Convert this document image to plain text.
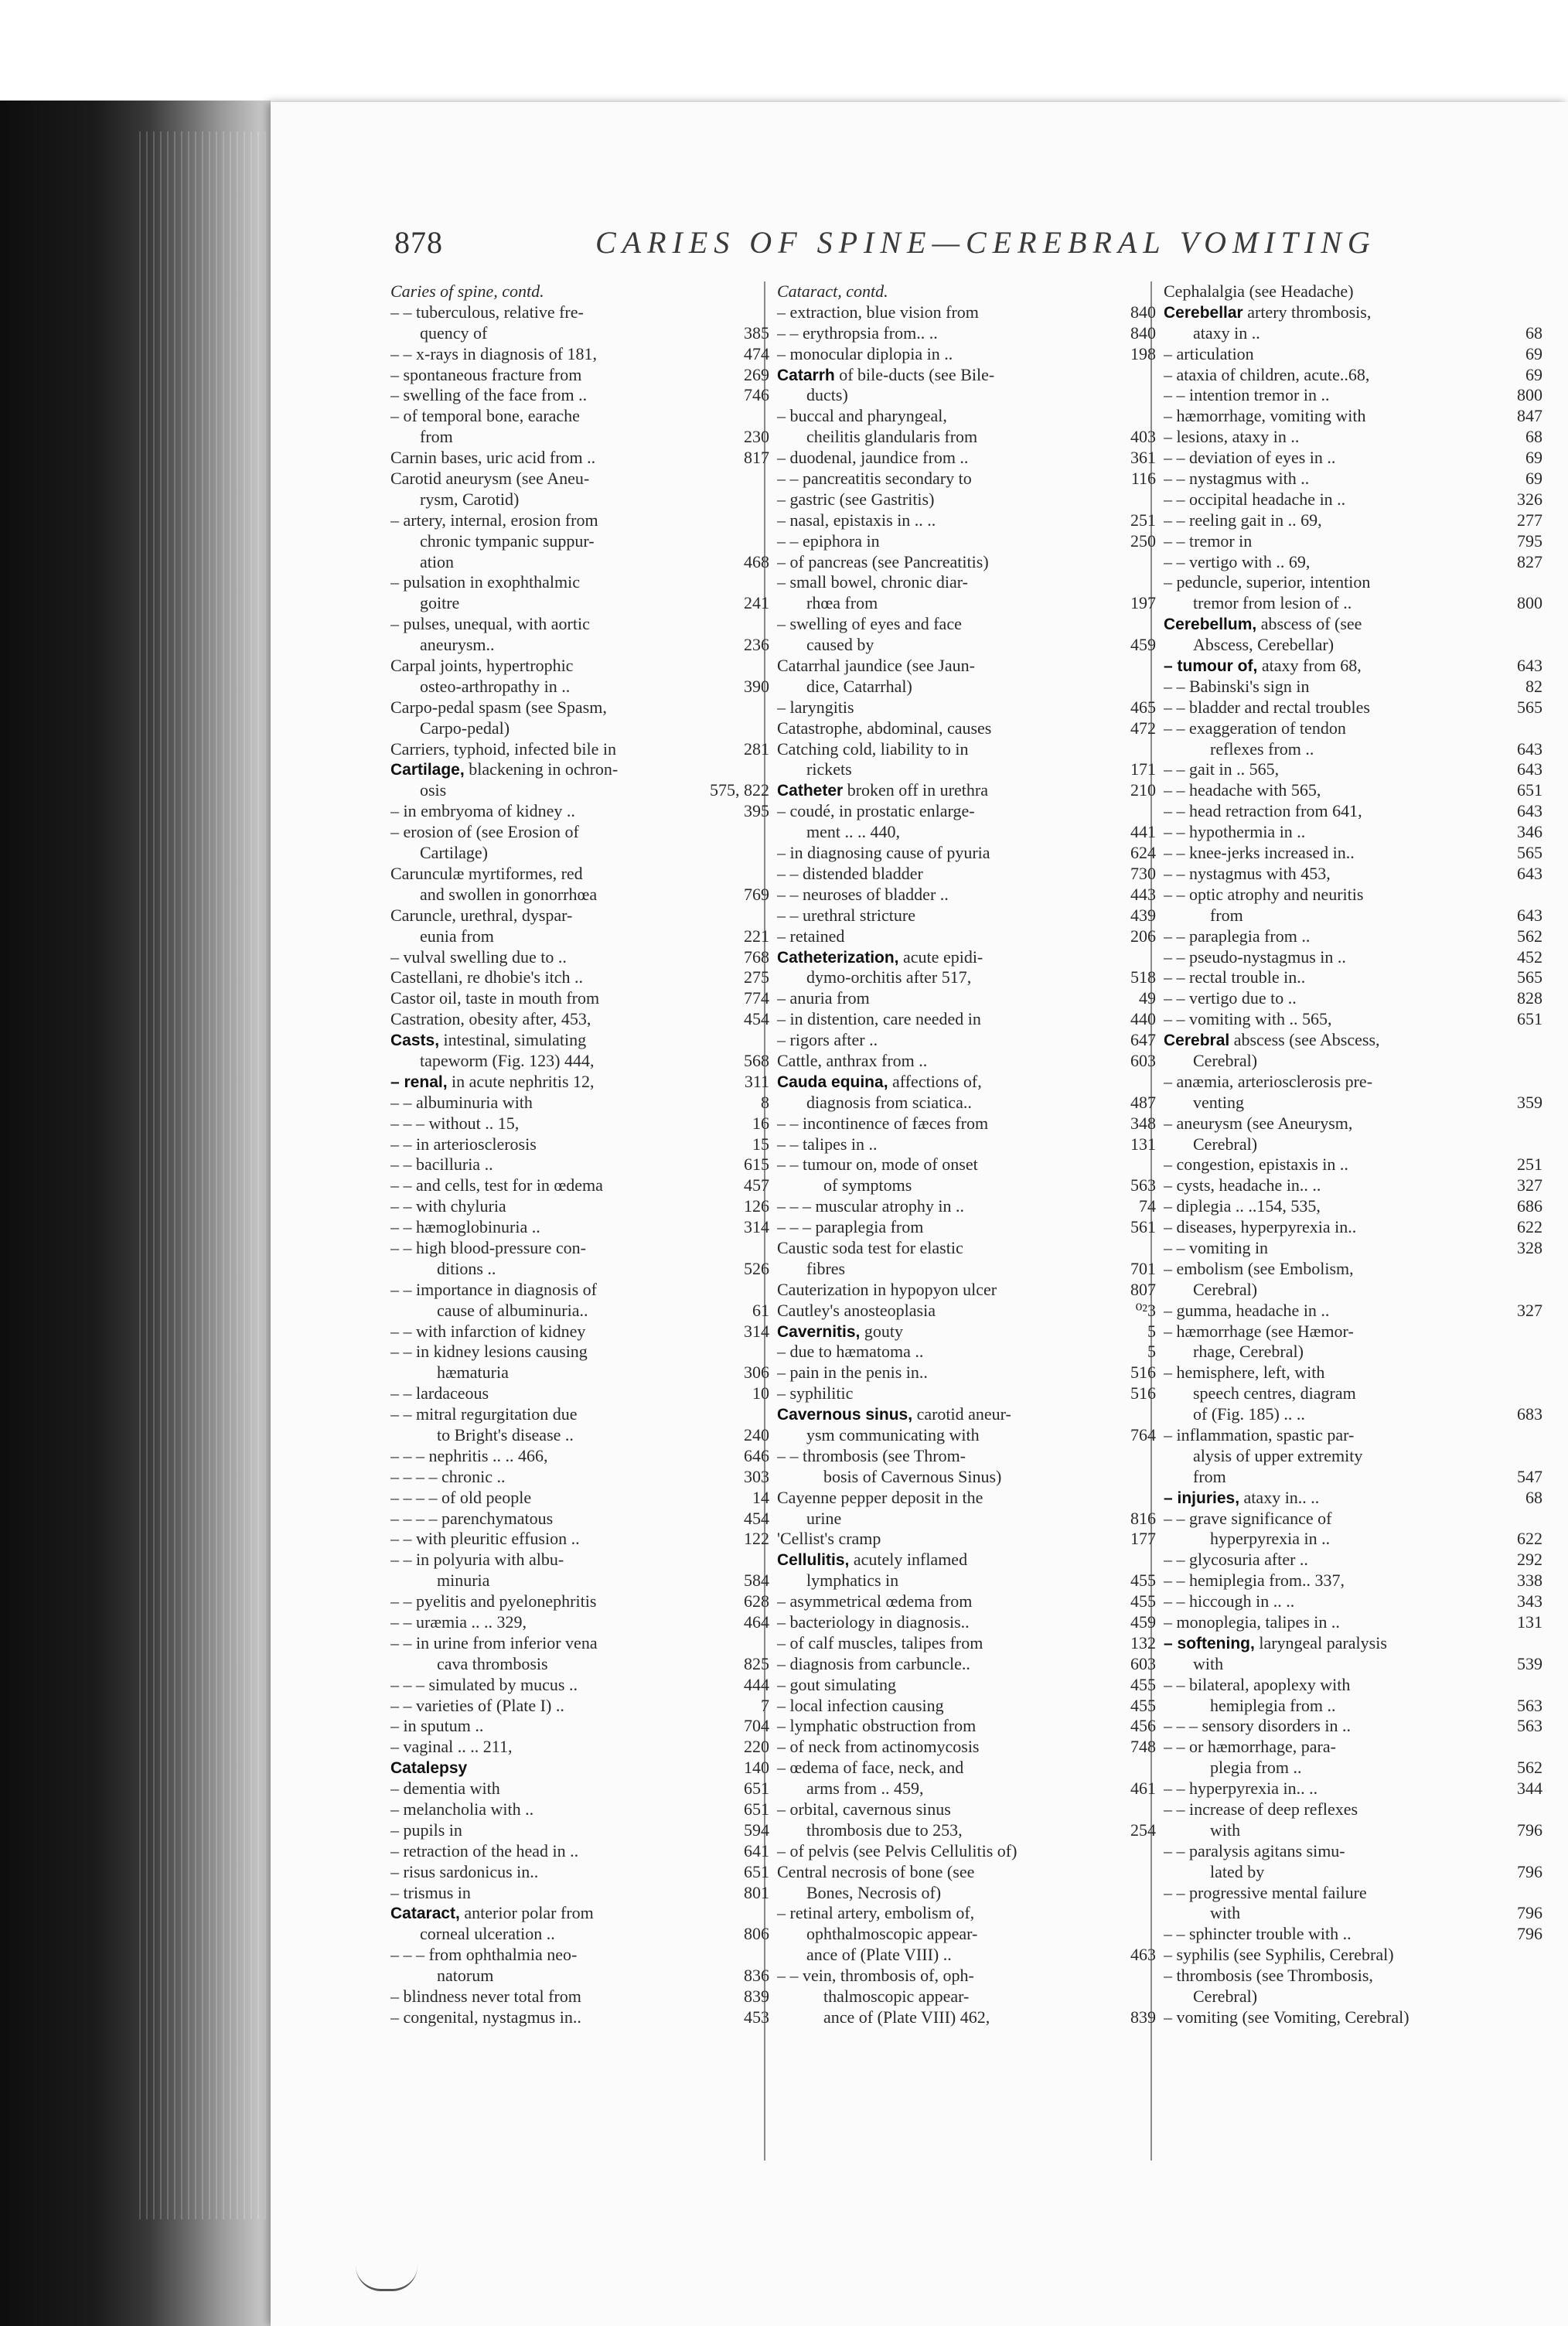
878	CARIES OF SPINE—CEREBRAL VOMITING
Caries of spine, contd.
– – tuberculous, relative fre-
quency of	385
– – x-rays in diagnosis of 181,	474
– spontaneous fracture from	269
– swelling of the face from ..	746
– of temporal bone, earache
from	230
Carnin bases, uric acid from ..	817
Carotid aneurysm (see Aneu-
rysm, Carotid)
– artery, internal, erosion from
chronic tympanic suppur-
ation	468
– pulsation in exophthalmic
goitre	241
– pulses, unequal, with aortic
aneurysm..	236
Carpal joints, hypertrophic
osteo-arthropathy in ..	390
Carpo-pedal spasm (see Spasm,
Carpo-pedal)
Carriers, typhoid, infected bile in	281
Cartilage, blackening in ochron-
osis	575, 822
– in embryoma of kidney ..	395
– erosion of (see Erosion of
Cartilage)
Carunculæ myrtiformes, red
and swollen in gonorrhœa	769
Caruncle, urethral, dyspar-
eunia from	221
– vulval swelling due to ..	768
Castellani, re dhobie's itch ..	275
Castor oil, taste in mouth from	774
Castration, obesity after, 453,	454
Casts, intestinal, simulating
tapeworm (Fig. 123) 444,	568
– renal, in acute nephritis 12,	311
– – albuminuria with	8
– – – without .. 15,	16
– – in arteriosclerosis	15
– – bacilluria ..	615
– – and cells, test for in œdema	457
– – with chyluria	126
– – hæmoglobinuria ..	314
– – high blood-pressure con-
ditions ..	526
– – importance in diagnosis of
cause of albuminuria..	61
– – with infarction of kidney	314
– – in kidney lesions causing
hæmaturia	306
– – lardaceous	10
– – mitral regurgitation due
to Bright's disease ..	240
– – – nephritis .. .. 466,	646
– – – – chronic ..	303
– – – – of old people	14
– – – – parenchymatous	454
– – with pleuritic effusion ..	122
– – in polyuria with albu-
minuria	584
– – pyelitis and pyelonephritis	628
– – uræmia .. .. 329,	464
– – in urine from inferior vena
cava thrombosis	825
– – – simulated by mucus ..	444
– – varieties of (Plate I) ..	7
– in sputum ..	704
– vaginal .. .. 211,	220
Catalepsy	140
– dementia with	651
– melancholia with ..	651
– pupils in	594
– retraction of the head in ..	641
– risus sardonicus in..	651
– trismus in	801
Cataract, anterior polar from
corneal ulceration ..	806
– – – from ophthalmia neo-
natorum	836
– blindness never total from	839
– congenital, nystagmus in..	453
Cataract, contd.
– extraction, blue vision from	840
– – erythropsia from.. ..	840
– monocular diplopia in ..	198
Catarrh of bile-ducts (see Bile-
ducts)
– buccal and pharyngeal,
cheilitis glandularis from	403
– duodenal, jaundice from ..	361
– – pancreatitis secondary to	116
– gastric (see Gastritis)
– nasal, epistaxis in .. ..	251
– – epiphora in	250
– of pancreas (see Pancreatitis)
– small bowel, chronic diar-
rhœa from	197
– swelling of eyes and face
caused by	459
Catarrhal jaundice (see Jaun-
dice, Catarrhal)
– laryngitis	465
Catastrophe, abdominal, causes	472
Catching cold, liability to in
rickets	171
Catheter broken off in urethra	210
– coudé, in prostatic enlarge-
ment .. .. 440,	441
– in diagnosing cause of pyuria	624
– – distended bladder	730
– – neuroses of bladder ..	443
– – urethral stricture	439
– retained	206
Catheterization, acute epidi-
dymo-orchitis after 517,	518
– anuria from	49
– in distention, care needed in	440
– rigors after ..	647
Cattle, anthrax from ..	603
Cauda equina, affections of,
diagnosis from sciatica..	487
– – incontinence of fæces from	348
– – talipes in ..	131
– – tumour on, mode of onset
of symptoms	563
– – – muscular atrophy in ..	74
– – – paraplegia from	561
Caustic soda test for elastic
fibres	701
Cauterization in hypopyon ulcer	807
Cautley's anosteoplasia	⁰²3
Cavernitis, gouty	5
– due to hæmatoma ..	5
– pain in the penis in..	516
– syphilitic	516
Cavernous sinus, carotid aneur-
ysm communicating with	764
– – thrombosis (see Throm-
bosis of Cavernous Sinus)
Cayenne pepper deposit in the
urine	816
'Cellist's cramp	177
Cellulitis, acutely inflamed
lymphatics in	455
– asymmetrical œdema from	455
– bacteriology in diagnosis..	459
– of calf muscles, talipes from	132
– diagnosis from carbuncle..	603
– gout simulating	455
– local infection causing	455
– lymphatic obstruction from	456
– of neck from actinomycosis	748
– œdema of face, neck, and
arms from .. 459,	461
– orbital, cavernous sinus
thrombosis due to 253,	254
– of pelvis (see Pelvis Cellulitis of)
Central necrosis of bone (see
Bones, Necrosis of)
– retinal artery, embolism of,
ophthalmoscopic appear-
ance of (Plate VIII) ..	463
– – vein, thrombosis of, oph-
thalmoscopic appear-
ance of (Plate VIII) 462,	839
Cephalalgia (see Headache)
Cerebellar artery thrombosis,
ataxy in ..	68
– articulation	69
– ataxia of children, acute..68,	69
– – intention tremor in ..	800
– hæmorrhage, vomiting with	847
– lesions, ataxy in ..	68
– – deviation of eyes in ..	69
– – nystagmus with ..	69
– – occipital headache in ..	326
– – reeling gait in .. 69,	277
– – tremor in	795
– – vertigo with .. 69,	827
– peduncle, superior, intention
tremor from lesion of ..	800
Cerebellum, abscess of (see
Abscess, Cerebellar)
– tumour of, ataxy from 68,	643
– – Babinski's sign in	82
– – bladder and rectal troubles	565
– – exaggeration of tendon
reflexes from ..	643
– – gait in .. 565,	643
– – headache with 565,	651
– – head retraction from 641,	643
– – hypothermia in ..	346
– – knee-jerks increased in..	565
– – nystagmus with 453,	643
– – optic atrophy and neuritis
from	643
– – paraplegia from ..	562
– – pseudo-nystagmus in ..	452
– – rectal trouble in..	565
– – vertigo due to ..	828
– – vomiting with .. 565,	651
Cerebral abscess (see Abscess,
Cerebral)
– anæmia, arteriosclerosis pre-
venting	359
– aneurysm (see Aneurysm,
Cerebral)
– congestion, epistaxis in ..	251
– cysts, headache in.. ..	327
– diplegia .. ..154, 535,	686
– diseases, hyperpyrexia in..	622
– – vomiting in	328
– embolism (see Embolism,
Cerebral)
– gumma, headache in ..	327
– hæmorrhage (see Hæmor-
rhage, Cerebral)
– hemisphere, left, with
speech centres, diagram
of (Fig. 185) .. ..	683
– inflammation, spastic par-
alysis of upper extremity
from	547
– injuries, ataxy in.. ..	68
– – grave significance of
hyperpyrexia in ..	622
– – glycosuria after ..	292
– – hemiplegia from.. 337,	338
– – hiccough in .. ..	343
– monoplegia, talipes in ..	131
– softening, laryngeal paralysis
with	539
– – bilateral, apoplexy with
hemiplegia from ..	563
– – – sensory disorders in ..	563
– – or hæmorrhage, para-
plegia from ..	562
– – hyperpyrexia in.. ..	344
– – increase of deep reflexes
with	796
– – paralysis agitans simu-
lated by	796
– – progressive mental failure
with	796
– – sphincter trouble with ..	796
– syphilis (see Syphilis, Cerebral)
– thrombosis (see Thrombosis,
Cerebral)
– vomiting (see Vomiting, Cerebral)
